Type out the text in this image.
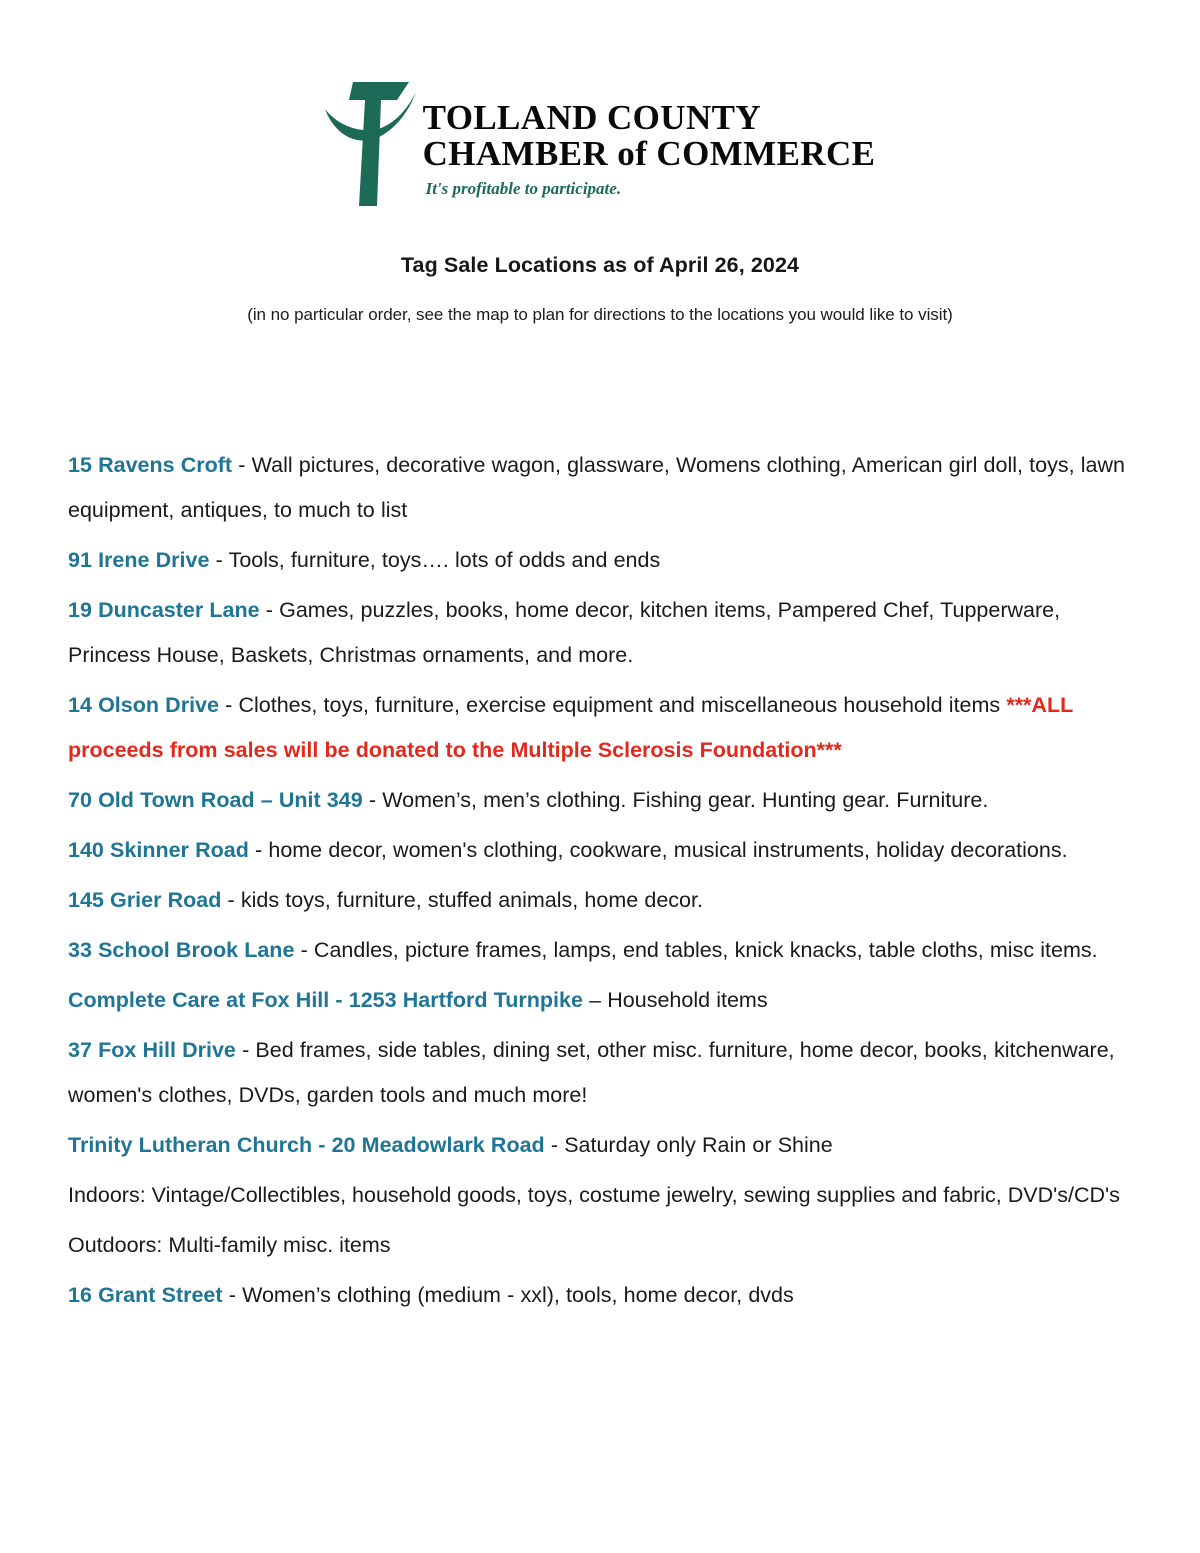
TOLLAND COUNTY
CHAMBER of COMMERCE
It's profitable to participate.
Tag Sale Locations as of April 26, 2024
(in no particular order, see the map to plan for directions to the locations you would like to visit)

15 Ravens Croft - Wall pictures, decorative wagon, glassware, Womens clothing, American girl doll, toys, lawn equipment, antiques, to much to list

91 Irene Drive - Tools, furniture, toys…. lots of odds and ends

19 Duncaster Lane - Games, puzzles, books, home decor, kitchen items, Pampered Chef, Tupperware, Princess House, Baskets, Christmas ornaments, and more.

14 Olson Drive - Clothes, toys, furniture, exercise equipment and miscellaneous household items ***ALL proceeds from sales will be donated to the Multiple Sclerosis Foundation***

70 Old Town Road – Unit 349 - Women’s, men’s clothing. Fishing gear. Hunting gear. Furniture.

140 Skinner Road - home decor, women's clothing, cookware, musical instruments, holiday decorations.

145 Grier Road - kids toys, furniture, stuffed animals, home decor.

33 School Brook Lane - Candles, picture frames, lamps, end tables, knick knacks, table cloths, misc items.

Complete Care at Fox Hill - 1253 Hartford Turnpike – Household items

37 Fox Hill Drive - Bed frames, side tables, dining set, other misc. furniture, home decor, books, kitchenware, women's clothes, DVDs, garden tools and much more!

Trinity Lutheran Church - 20 Meadowlark Road - Saturday only Rain or Shine

Indoors: Vintage/Collectibles, household goods, toys, costume jewelry, sewing supplies and fabric, DVD's/CD's

Outdoors: Multi-family misc. items

16 Grant Street - Women’s clothing (medium - xxl), tools, home decor, dvds
